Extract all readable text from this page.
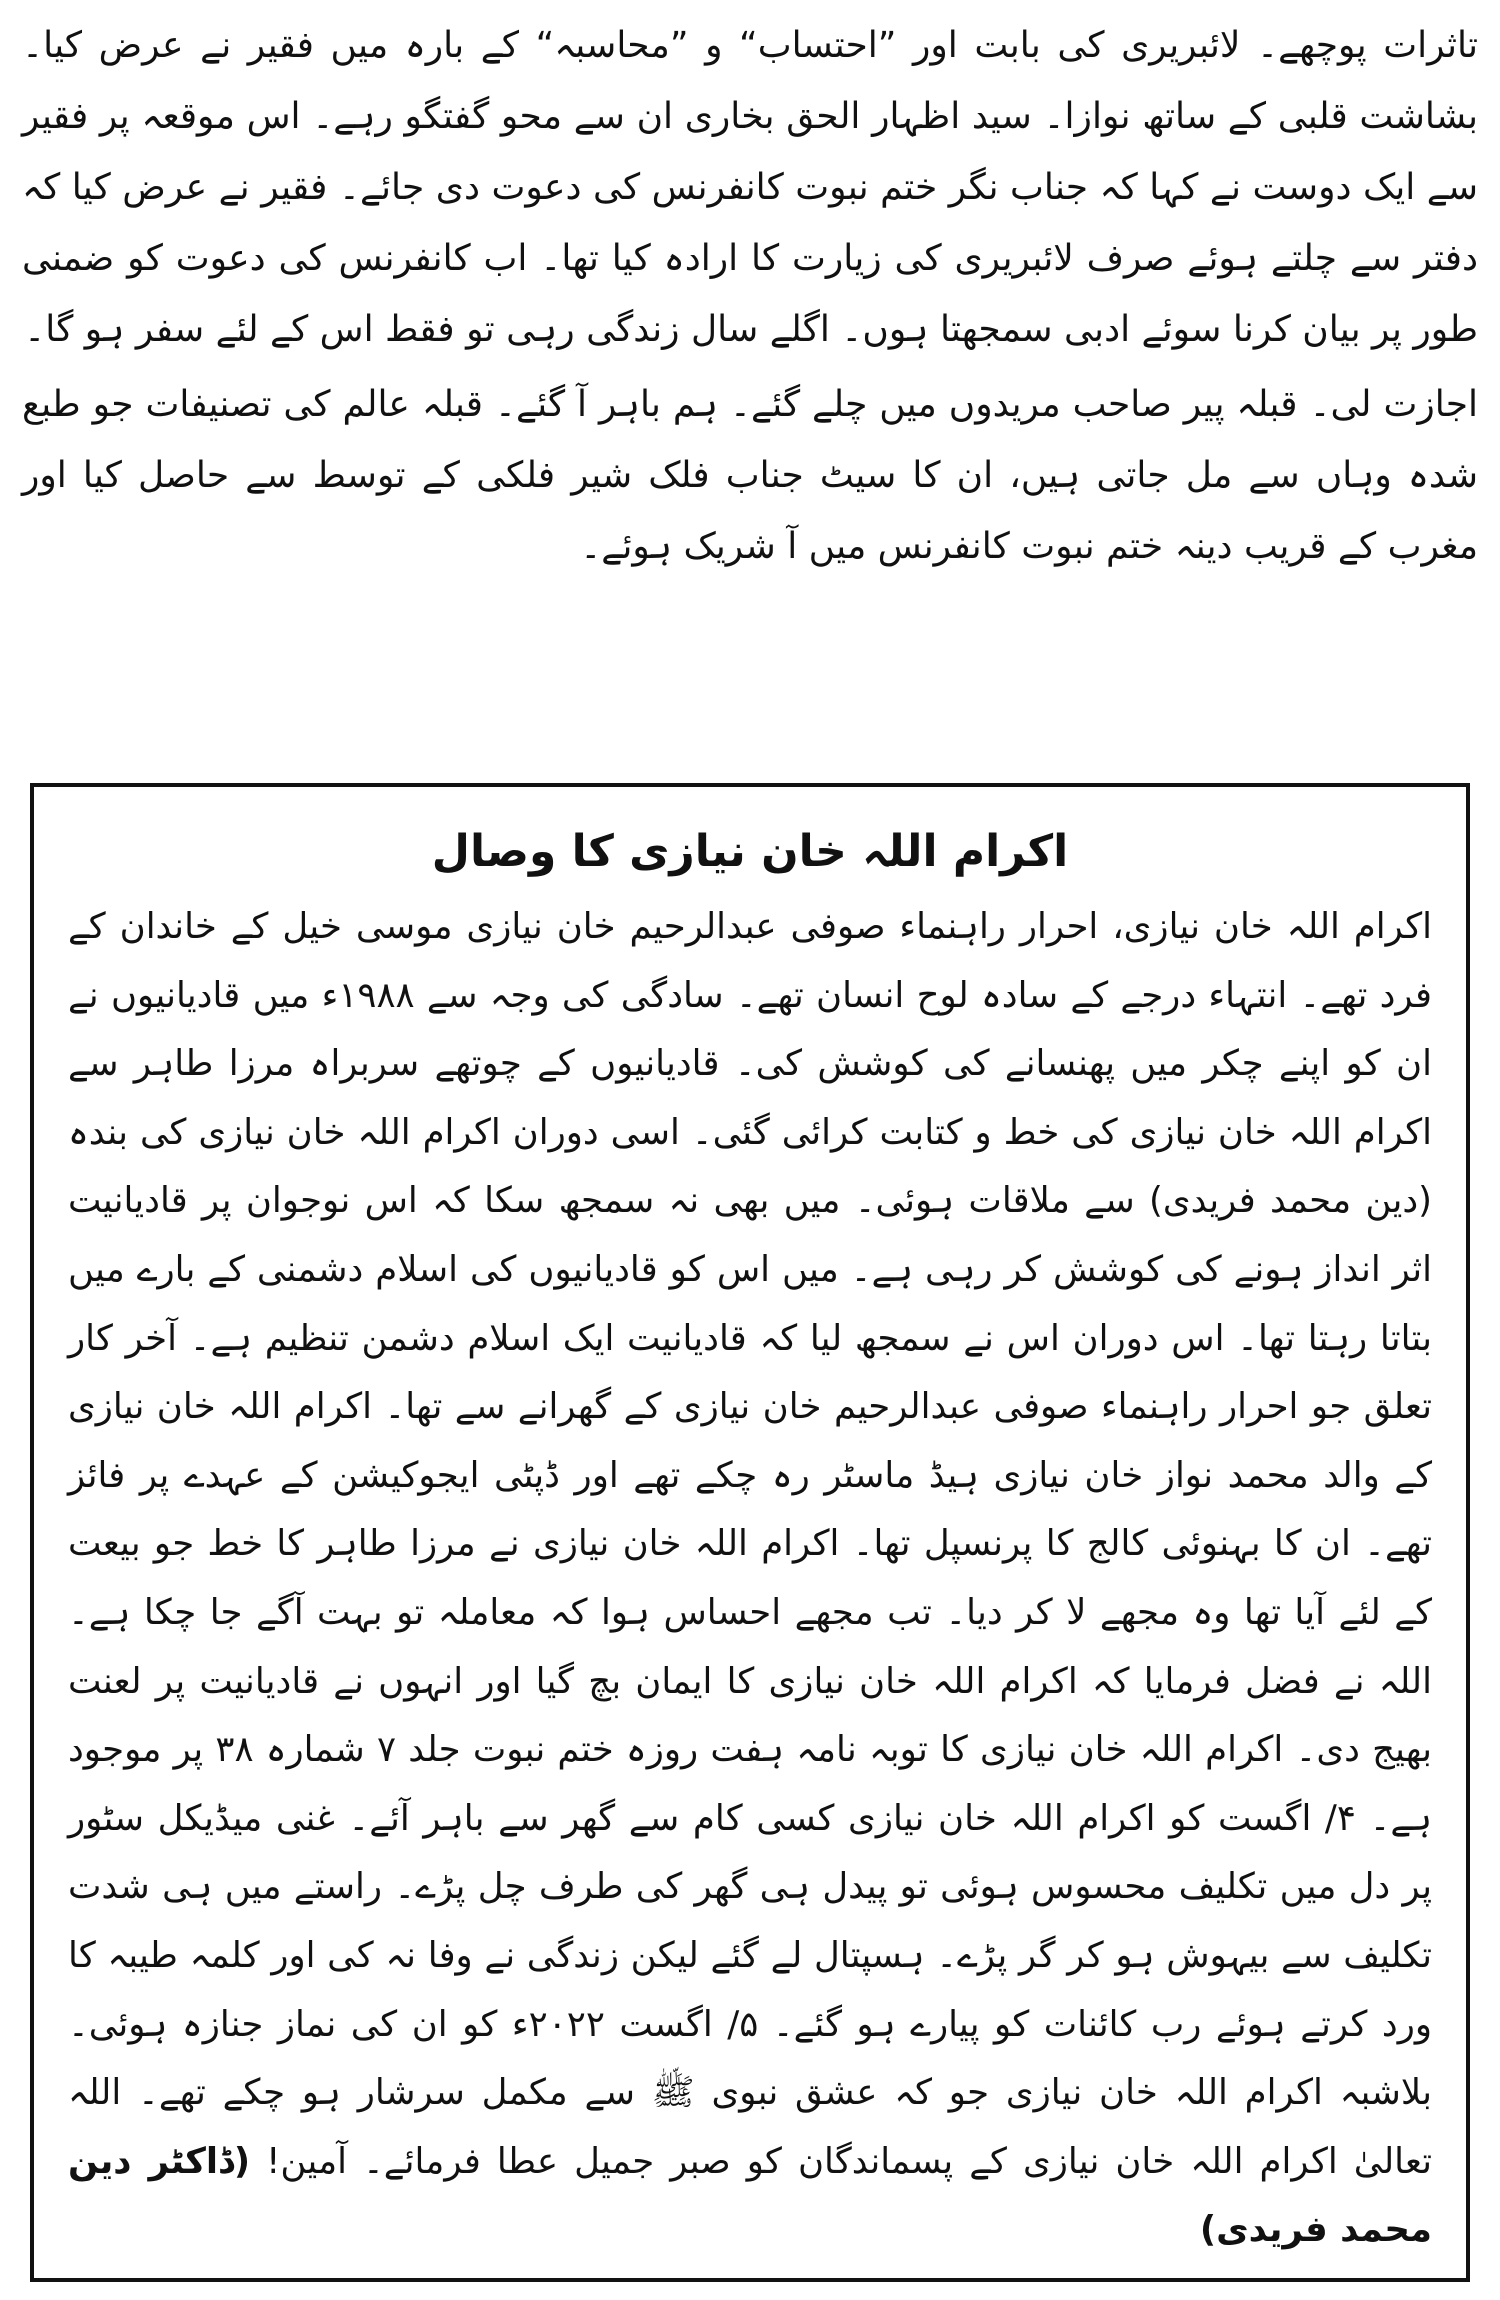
تاثرات پوچھے۔ لائبریری کی بابت اور ”احتساب“ و ”محاسبہ“ کے بارہ میں فقیر نے عرض کیا۔ بشاشت قلبی کے ساتھ نوازا۔ سید اظہار الحق بخاری ان سے محو گفتگو رہے۔ اس موقعہ پر فقیر سے ایک دوست نے کہا کہ جناب نگر ختم نبوت کانفرنس کی دعوت دی جائے۔ فقیر نے عرض کیا کہ دفتر سے چلتے ہوئے صرف لائبریری کی زیارت کا ارادہ کیا تھا۔ اب کانفرنس کی دعوت کو ضمنی طور پر بیان کرنا سوئے ادبی سمجھتا ہوں۔ اگلے سال زندگی رہی تو فقط اس کے لئے سفر ہو گا۔

اجازت لی۔ قبلہ پیر صاحب مریدوں میں چلے گئے۔ ہم باہر آ گئے۔ قبلہ عالم کی تصنیفات جو طبع شدہ وہاں سے مل جاتی ہیں، ان کا سیٹ جناب فلک شیر فلکی کے توسط سے حاصل کیا اور مغرب کے قریب دینہ ختم نبوت کانفرنس میں آ شریک ہوئے۔

اکرام اللہ خان نیازی کا وصال

اکرام اللہ خان نیازی، احرار راہنماء صوفی عبدالرحیم خان نیازی موسی خیل کے خاندان کے فرد تھے۔ انتہاء درجے کے سادہ لوح انسان تھے۔ سادگی کی وجہ سے ۱۹۸۸ء میں قادیانیوں نے ان کو اپنے چکر میں پھنسانے کی کوشش کی۔ قادیانیوں کے چوتھے سربراہ مرزا طاہر سے اکرام اللہ خان نیازی کی خط و کتابت کرائی گئی۔ اسی دوران اکرام اللہ خان نیازی کی بندہ (دین محمد فریدی) سے ملاقات ہوئی۔ میں بھی نہ سمجھ سکا کہ اس نوجوان پر قادیانیت اثر انداز ہونے کی کوشش کر رہی ہے۔ میں اس کو قادیانیوں کی اسلام دشمنی کے بارے میں بتاتا رہتا تھا۔ اس دوران اس نے سمجھ لیا کہ قادیانیت ایک اسلام دشمن تنظیم ہے۔ آخر کار تعلق جو احرار راہنماء صوفی عبدالرحیم خان نیازی کے گھرانے سے تھا۔ اکرام اللہ خان نیازی کے والد محمد نواز خان نیازی ہیڈ ماسٹر رہ چکے تھے اور ڈپٹی ایجوکیشن کے عہدے پر فائز تھے۔ ان کا بہنوئی کالج کا پرنسپل تھا۔ اکرام اللہ خان نیازی نے مرزا طاہر کا خط جو بیعت کے لئے آیا تھا وہ مجھے لا کر دیا۔ تب مجھے احساس ہوا کہ معاملہ تو بہت آگے جا چکا ہے۔ اللہ نے فضل فرمایا کہ اکرام اللہ خان نیازی کا ایمان بچ گیا اور انہوں نے قادیانیت پر لعنت بھیج دی۔ اکرام اللہ خان نیازی کا توبہ نامہ ہفت روزہ ختم نبوت جلد ۷ شمارہ ۳۸ پر موجود ہے۔ ۴/ اگست کو اکرام اللہ خان نیازی کسی کام سے گھر سے باہر آئے۔ غنی میڈیکل سٹور پر دل میں تکلیف محسوس ہوئی تو پیدل ہی گھر کی طرف چل پڑے۔ راستے میں ہی شدت تکلیف سے بیہوش ہو کر گر پڑے۔ ہسپتال لے گئے لیکن زندگی نے وفا نہ کی اور کلمہ طیبہ کا ورد کرتے ہوئے رب کائنات کو پیارے ہو گئے۔ ۵/ اگست ۲۰۲۲ء کو ان کی نماز جنازہ ہوئی۔ بلاشبہ اکرام اللہ خان نیازی جو کہ عشق نبوی ﷺ سے مکمل سرشار ہو چکے تھے۔ اللہ تعالیٰ اکرام اللہ خان نیازی کے پسماندگان کو صبر جمیل عطا فرمائے۔ آمین! (ڈاکٹر دین محمد فریدی)
